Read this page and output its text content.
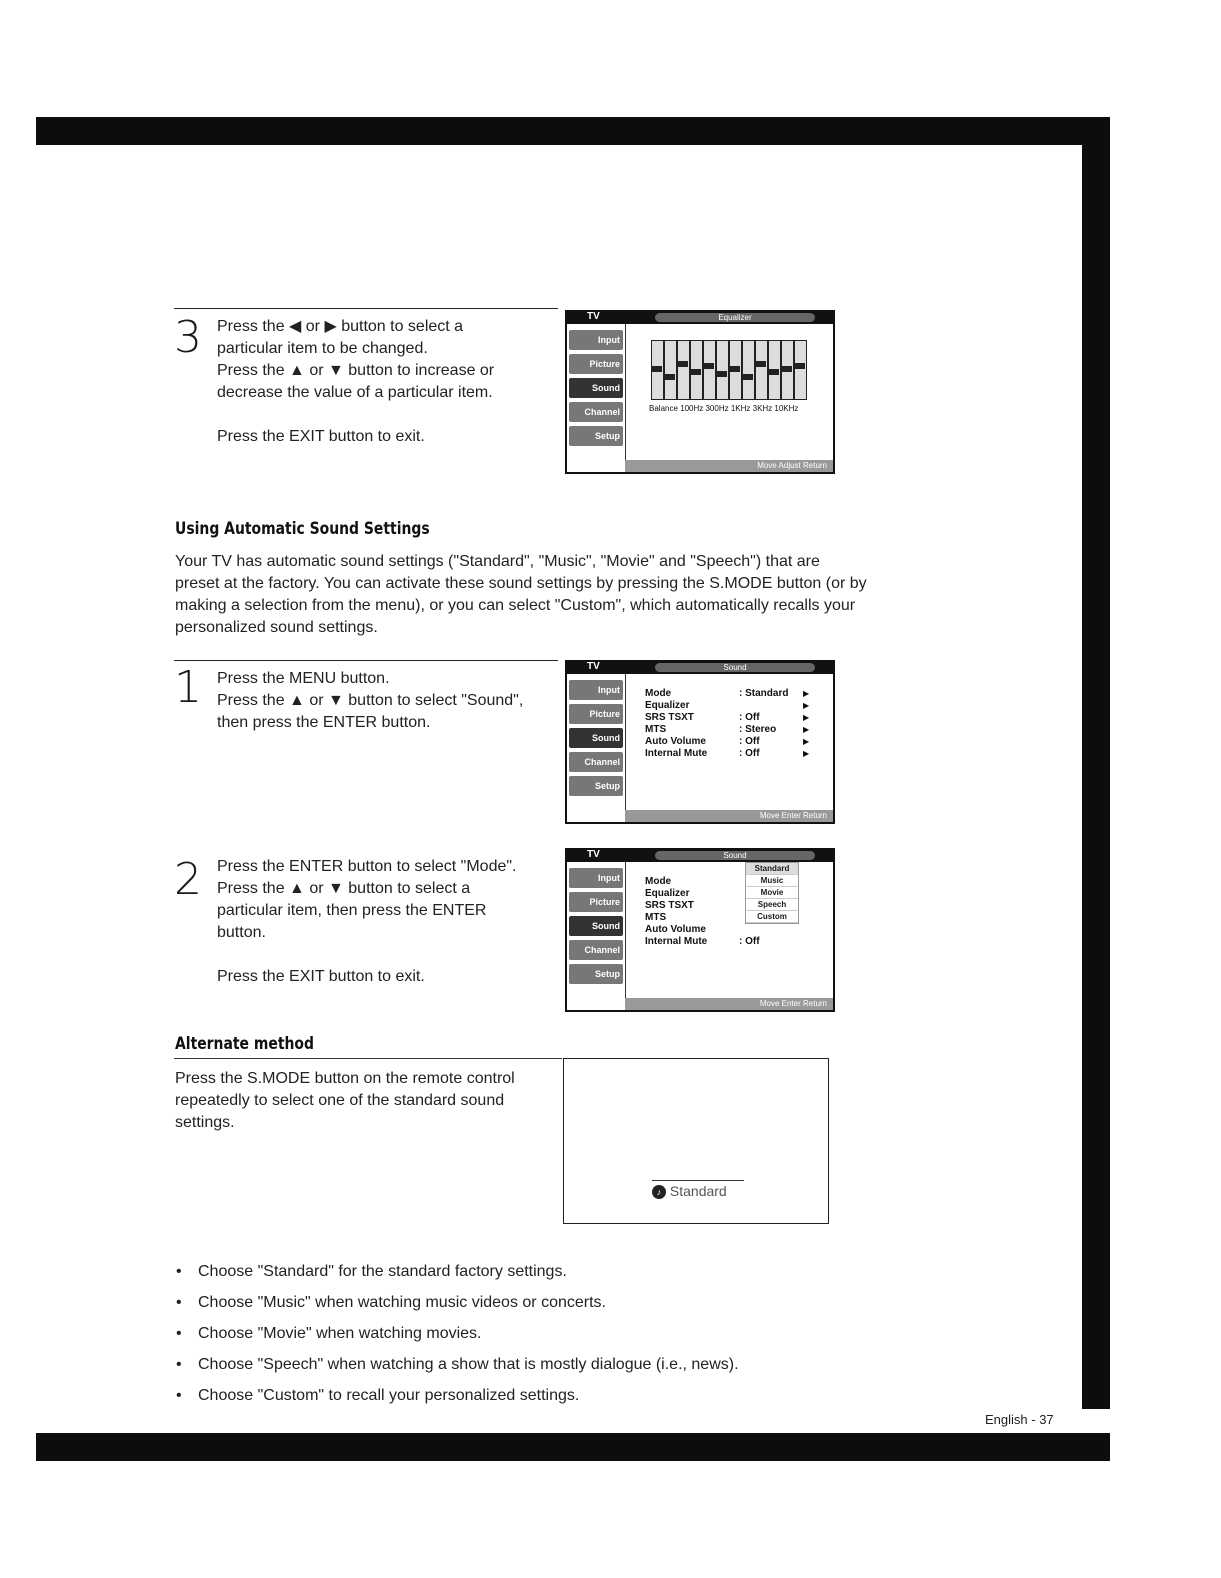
English - 37
3 Press the ◀ or ▶ button to select a

particular item to be changed.

Press the ▲ or ▼ button to increase or

decrease the value of a particular item.

Press the EXIT button to exit.

TV	Equalizer
Input
Picture
Sound
Channel
Setup
Balance 100Hz 300Hz 1KHz 3KHz 10KHz
Move Adjust Return
Using Automatic Sound Settings
Your TV has automatic sound settings ("Standard", "Music", "Movie" and "Speech") that are
preset at the factory. You can activate these sound settings by pressing the S.MODE button (or by
making a selection from the menu), or you can select "Custom", which automatically recalls your
personalized sound settings.
1 Press the MENU button.

Press the ▲ or ▼ button to select "Sound",

then press the ENTER button.

TV	Sound
Input
Picture
Sound
Channel
Setup
Mode	: Standard	▶
Equalizer	▶
SRS TSXT	: Off	▶
MTS	: Stereo	▶
Auto Volume	: Off	▶
Internal Mute	: Off	▶
Move Enter Return
2 Press the ENTER button to select "Mode".

Press the ▲ or ▼ button to select a

particular item, then press the ENTER

button.

Press the EXIT button to exit.

TV	Sound
Input
Picture
Sound
Channel
Setup
Mode
Equalizer
SRS TSXT
MTS
Auto Volume
Internal Mute	: Off
Standard
Music
Movie
Speech
Custom
Move Enter Return
Alternate method
Press the S.MODE button on the remote control
repeatedly to select one of the standard sound
settings.
♪ Standard
• Choose "Standard" for the standard factory settings.
• Choose "Music" when watching music videos or concerts.
• Choose "Movie" when watching movies.
• Choose "Speech" when watching a show that is mostly dialogue (i.e., news).
• Choose "Custom" to recall your personalized settings.
